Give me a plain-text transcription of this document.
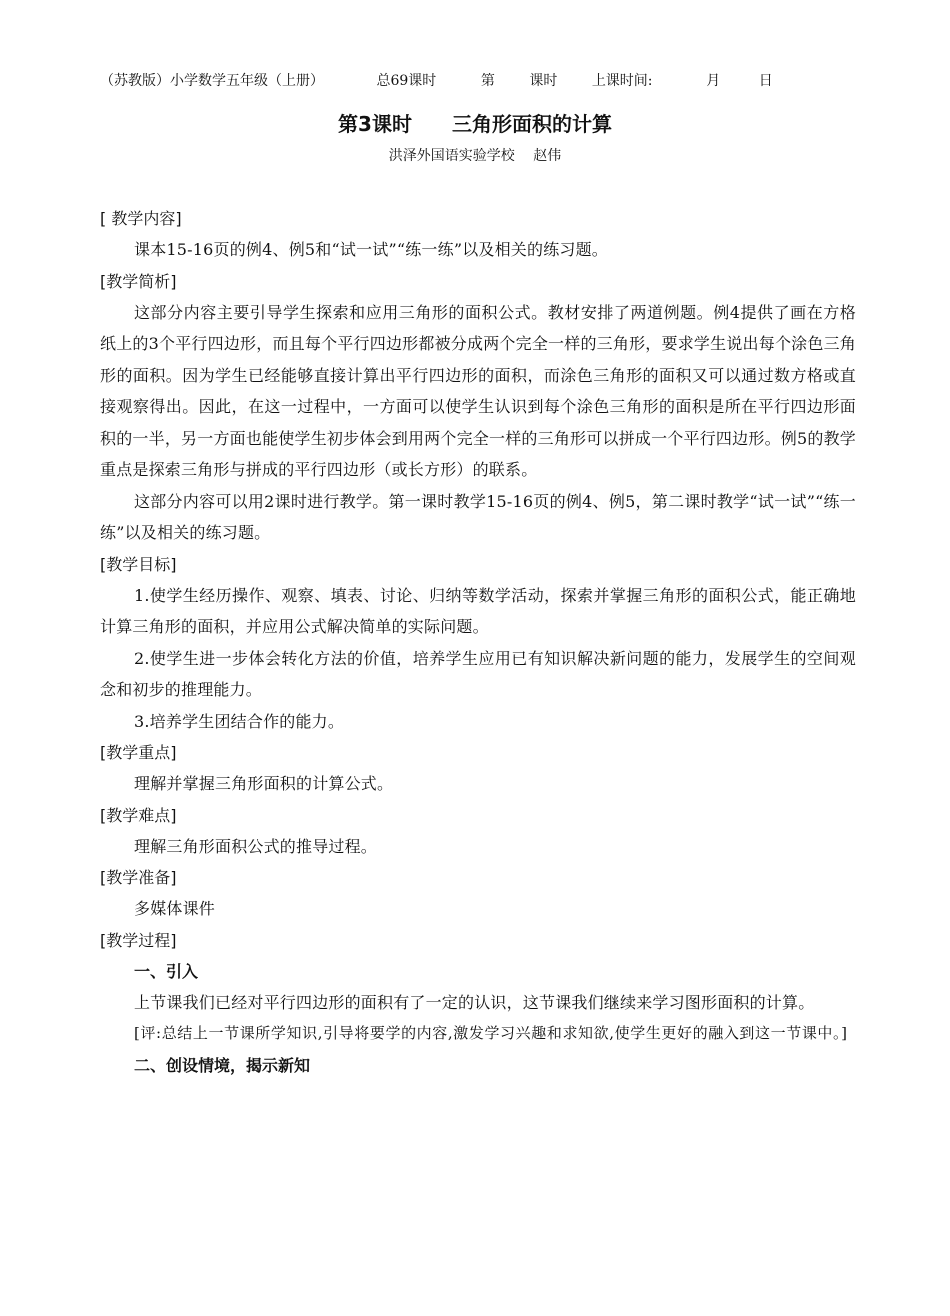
（苏教版）小学数学五年级（上册）	总69课时	第 课时 上课时间:	月	日
第3课时　　三角形面积的计算
洪泽外国语实验学校　 赵伟
[ 教学内容]

课本15-16页的例4、例5和“试一试”“练一练”以及相关的练习题。

[教学简析]

这部分内容主要引导学生探索和应用三角形的面积公式。教材安排了两道例题。例4提供了画在方格纸上的3个平行四边形，而且每个平行四边形都被分成两个完全一样的三角形，要求学生说出每个涂色三角形的面积。因为学生已经能够直接计算出平行四边形的面积，而涂色三角形的面积又可以通过数方格或直接观察得出。因此，在这一过程中，一方面可以使学生认识到每个涂色三角形的面积是所在平行四边形面积的一半，另一方面也能使学生初步体会到用两个完全一样的三角形可以拼成一个平行四边形。例5的教学重点是探索三角形与拼成的平行四边形（或长方形）的联系。

这部分内容可以用2课时进行教学。第一课时教学15-16页的例4、例5，第二课时教学“试一试”“练一练”以及相关的练习题。

[教学目标]

1.使学生经历操作、观察、填表、讨论、归纳等数学活动，探索并掌握三角形的面积公式，能正确地计算三角形的面积，并应用公式解决简单的实际问题。

2.使学生进一步体会转化方法的价值，培养学生应用已有知识解决新问题的能力，发展学生的空间观念和初步的推理能力。

3.培养学生团结合作的能力。

[教学重点]

理解并掌握三角形面积的计算公式。

[教学难点]

理解三角形面积公式的推导过程。

[教学准备]

多媒体课件

[教学过程]
一、引入

上节课我们已经对平行四边形的面积有了一定的认识，这节课我们继续来学习图形面积的计算。

[评:总结上一节课所学知识,引导将要学的内容,激发学习兴趣和求知欲,使学生更好的融入到这一节课中。]

二、创设情境，揭示新知
